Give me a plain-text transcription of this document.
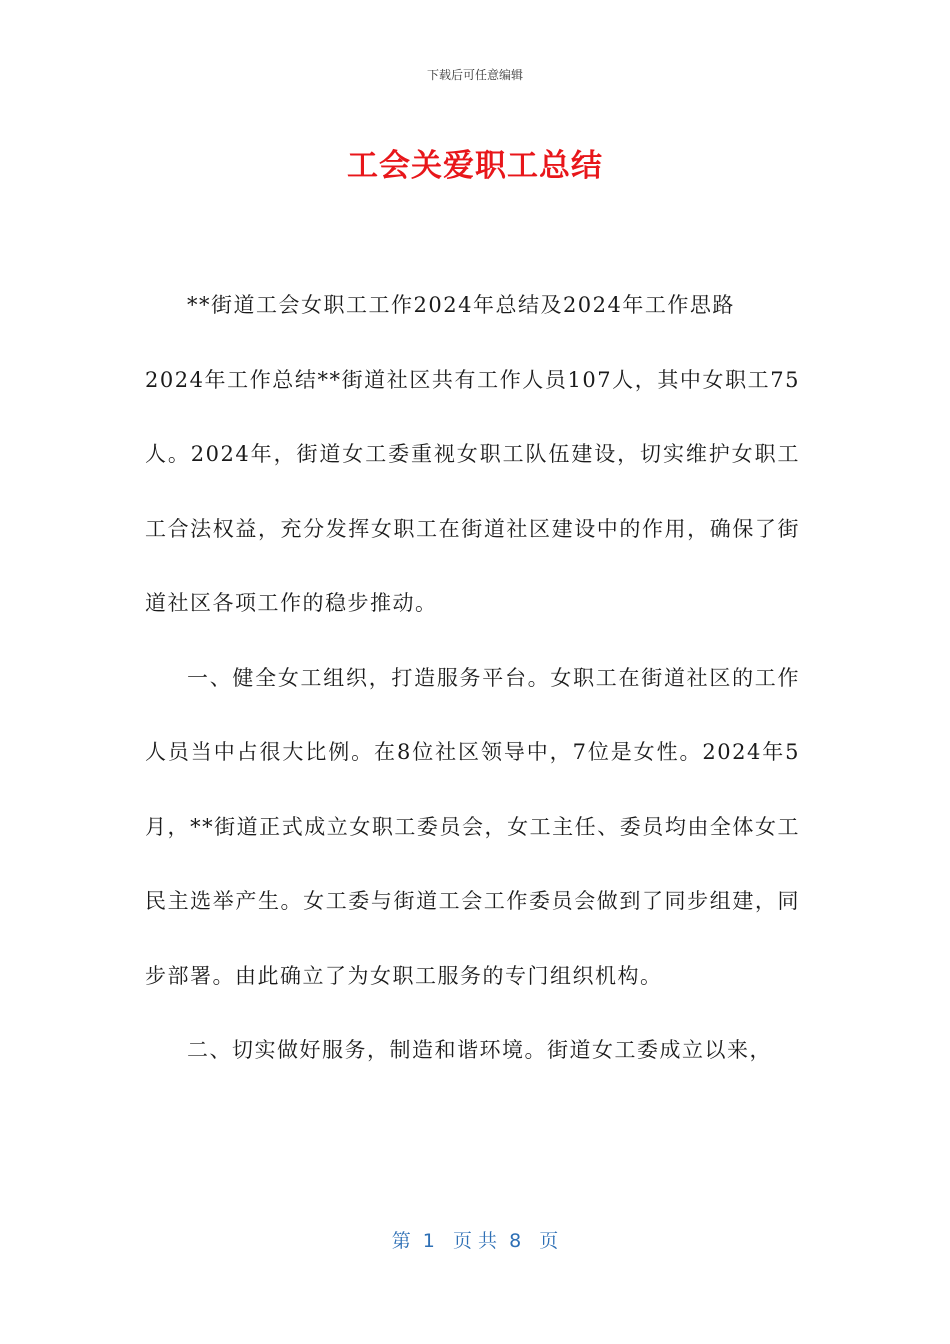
下载后可任意编辑
工会关爱职工总结

**街道工会女职工工作2024年总结及2024年工作思路

2024年工作总结**街道社区共有工作人员107人，其中女职工75人。2024年，街道女工委重视女职工队伍建设，切实维护女职工工合法权益，充分发挥女职工在街道社区建设中的作用，确保了街道社区各项工作的稳步推动。

一、健全女工组织，打造服务平台。女职工在街道社区的工作人员当中占很大比例。在8位社区领导中，7位是女性。2024年5月，**街道正式成立女职工委员会，女工主任、委员均由全体女工民主选举产生。女工委与街道工会工作委员会做到了同步组建，同步部署。由此确立了为女职工服务的专门组织机构。

二、切实做好服务，制造和谐环境。街道女工委成立以来，

第  1   页 共  8   页
